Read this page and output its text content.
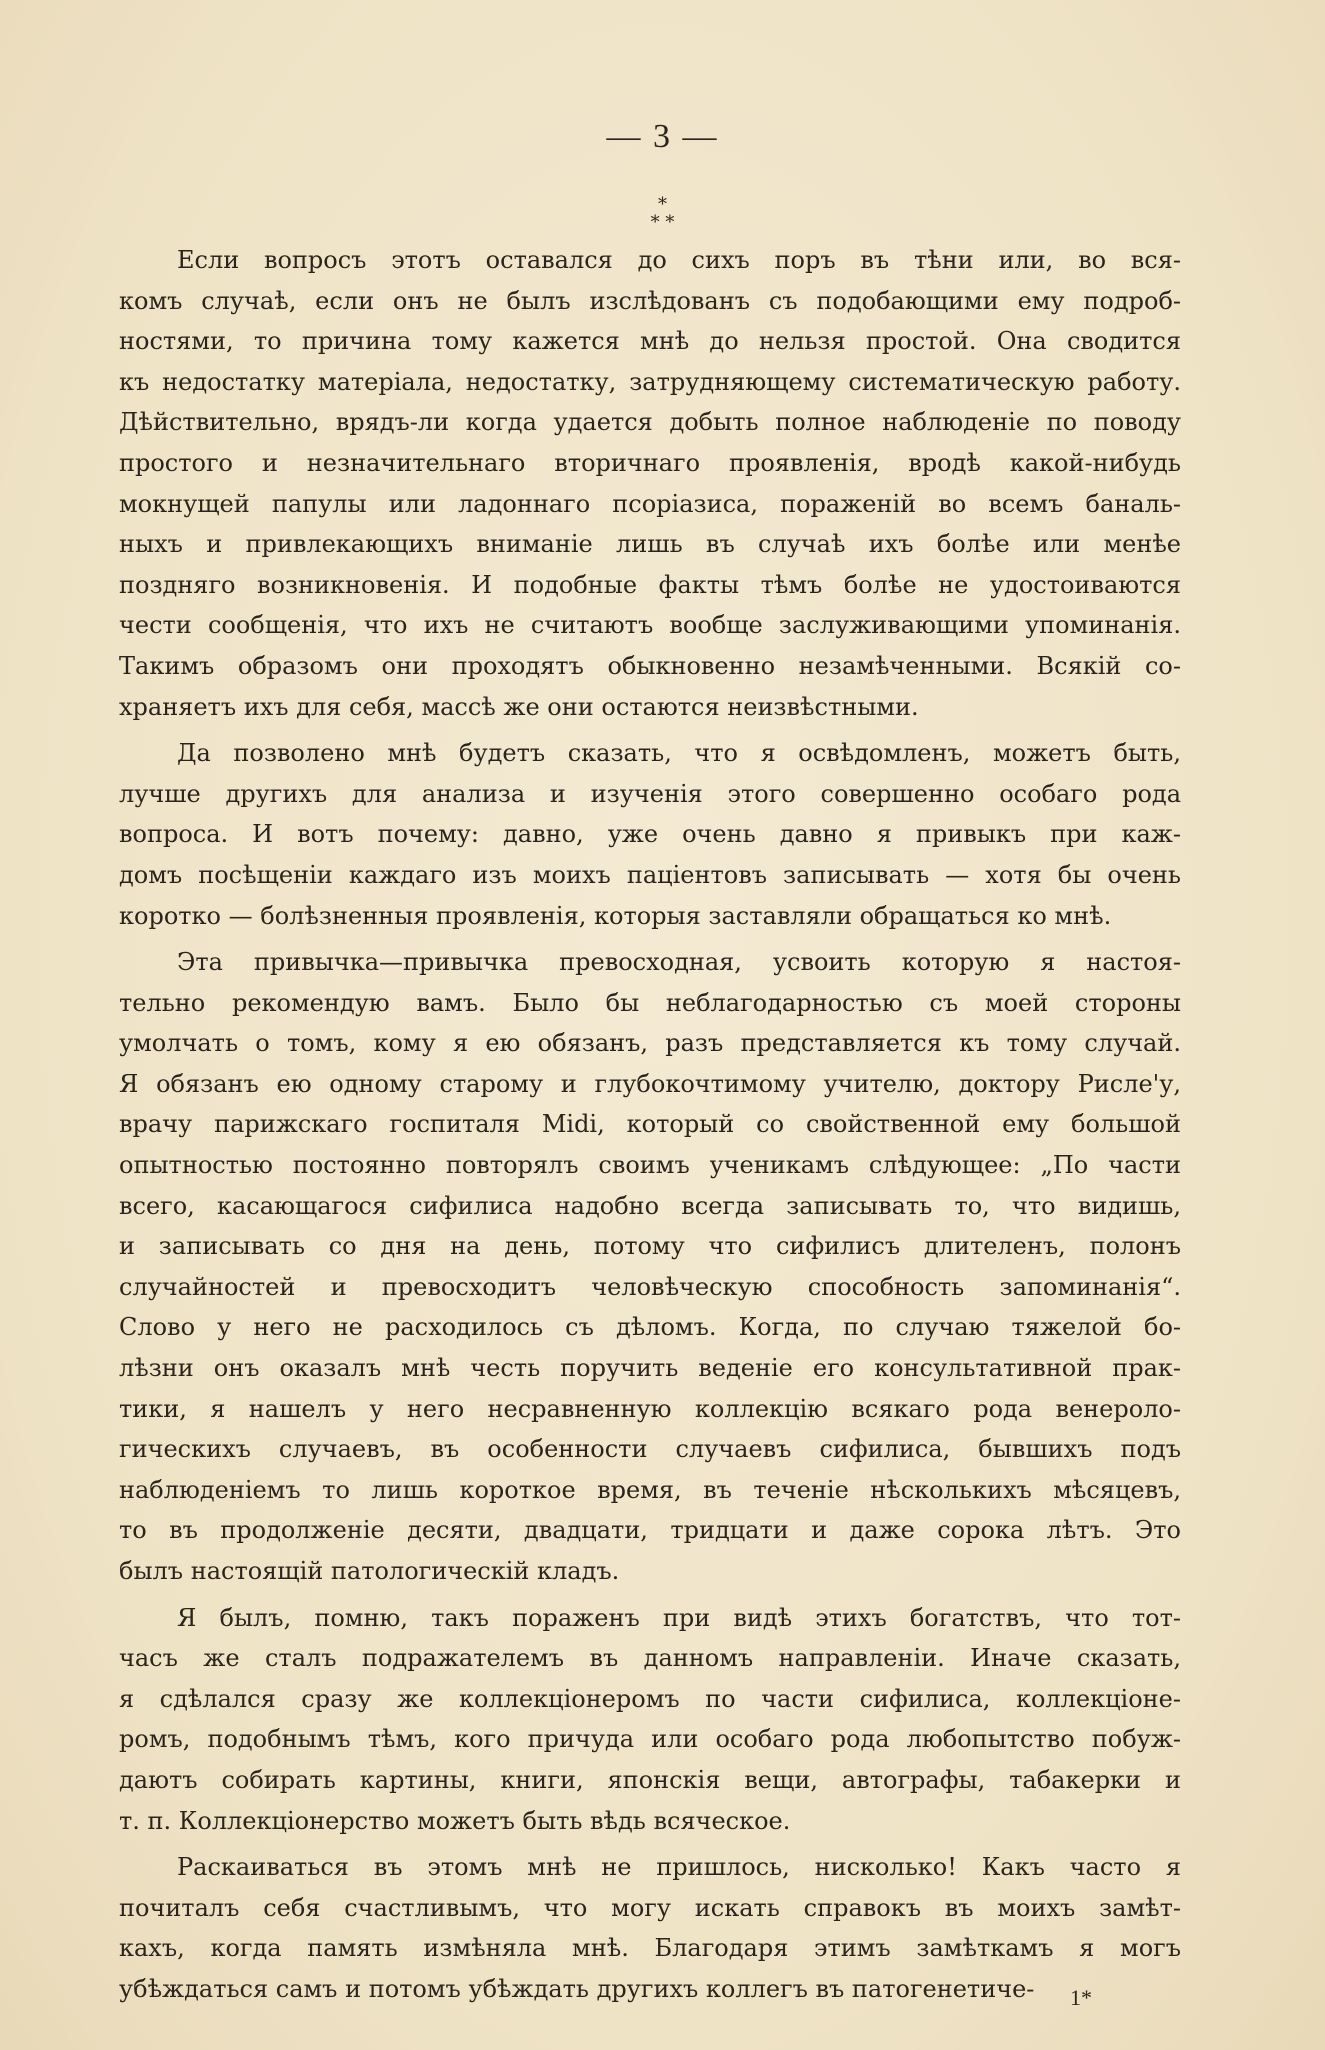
— 3 —
*
* *
Если вопросъ этотъ оставался до сихъ поръ въ тѣни или, во вся-
комъ случаѣ, если онъ не былъ изслѣдованъ съ подобающими ему подроб-
ностями, то причина тому кажется мнѣ до нельзя простой. Она сводится
къ недостатку матеріала, недостатку, затрудняющему систематическую работу.
Дѣйствительно, врядъ-ли когда удается добыть полное наблюденіе по поводу
простого и незначительнаго вторичнаго проявленія, вродѣ какой-нибудь
мокнущей папулы или ладоннаго псоріазиса, пораженій во всемъ баналь-
ныхъ и привлекающихъ вниманіе лишь въ случаѣ ихъ болѣе или менѣе
поздняго возникновенія. И подобные факты тѣмъ болѣе не удостоиваются
чести сообщенія, что ихъ не считаютъ вообще заслуживающими упоминанія.
Такимъ образомъ они проходятъ обыкновенно незамѣченными. Всякій со-
храняетъ ихъ для себя, массѣ же они остаются неизвѣстными.
Да позволено мнѣ будетъ сказать, что я освѣдомленъ, можетъ быть,
лучше другихъ для анализа и изученія этого совершенно особаго рода
вопроса. И вотъ почему: давно, уже очень давно я привыкъ при каж-
домъ посѣщеніи каждаго изъ моихъ паціентовъ записывать — хотя бы очень
коротко — болѣзненныя проявленія, которыя заставляли обращаться ко мнѣ.
Эта привычка—привычка превосходная, усвоить которую я настоя-
тельно рекомендую вамъ. Было бы неблагодарностью съ моей стороны
умолчать о томъ, кому я ею обязанъ, разъ представляется къ тому случай.
Я обязанъ ею одному старому и глубокочтимому учителю, доктору Рисле'у,
врачу парижскаго госпиталя Midi, который со свойственной ему большой
опытностью постоянно повторялъ своимъ ученикамъ слѣдующее: „По части
всего, касающагося сифилиса надобно всегда записывать то, что видишь,
и записывать со дня на день, потому что сифилисъ длителенъ, полонъ
случайностей и превосходитъ человѣческую способность запоминанія“.
Слово у него не расходилось съ дѣломъ. Когда, по случаю тяжелой бо-
лѣзни онъ оказалъ мнѣ честь поручить веденіе его консультативной прак-
тики, я нашелъ у него несравненную коллекцію всякаго рода венероло-
гическихъ случаевъ, въ особенности случаевъ сифилиса, бывшихъ подъ
наблюденіемъ то лишь короткое время, въ теченіе нѣсколькихъ мѣсяцевъ,
то въ продолженіе десяти, двадцати, тридцати и даже сорока лѣтъ. Это
былъ настоящій патологическій кладъ.
Я былъ, помню, такъ пораженъ при видѣ этихъ богатствъ, что тот-
часъ же сталъ подражателемъ въ данномъ направленіи. Иначе сказать,
я сдѣлался сразу же коллекціонеромъ по части сифилиса, коллекціоне-
ромъ, подобнымъ тѣмъ, кого причуда или особаго рода любопытство побуж-
даютъ собирать картины, книги, японскія вещи, автографы, табакерки и
т. п. Коллекціонерство можетъ быть вѣдь всяческое.
Раскаиваться въ этомъ мнѣ не пришлось, нисколько! Какъ часто я
почиталъ себя счастливымъ, что могу искать справокъ въ моихъ замѣт-
кахъ, когда память измѣняла мнѣ. Благодаря этимъ замѣткамъ я могъ
убѣждаться самъ и потомъ убѣждать другихъ коллегъ въ патогенетиче-	1*
